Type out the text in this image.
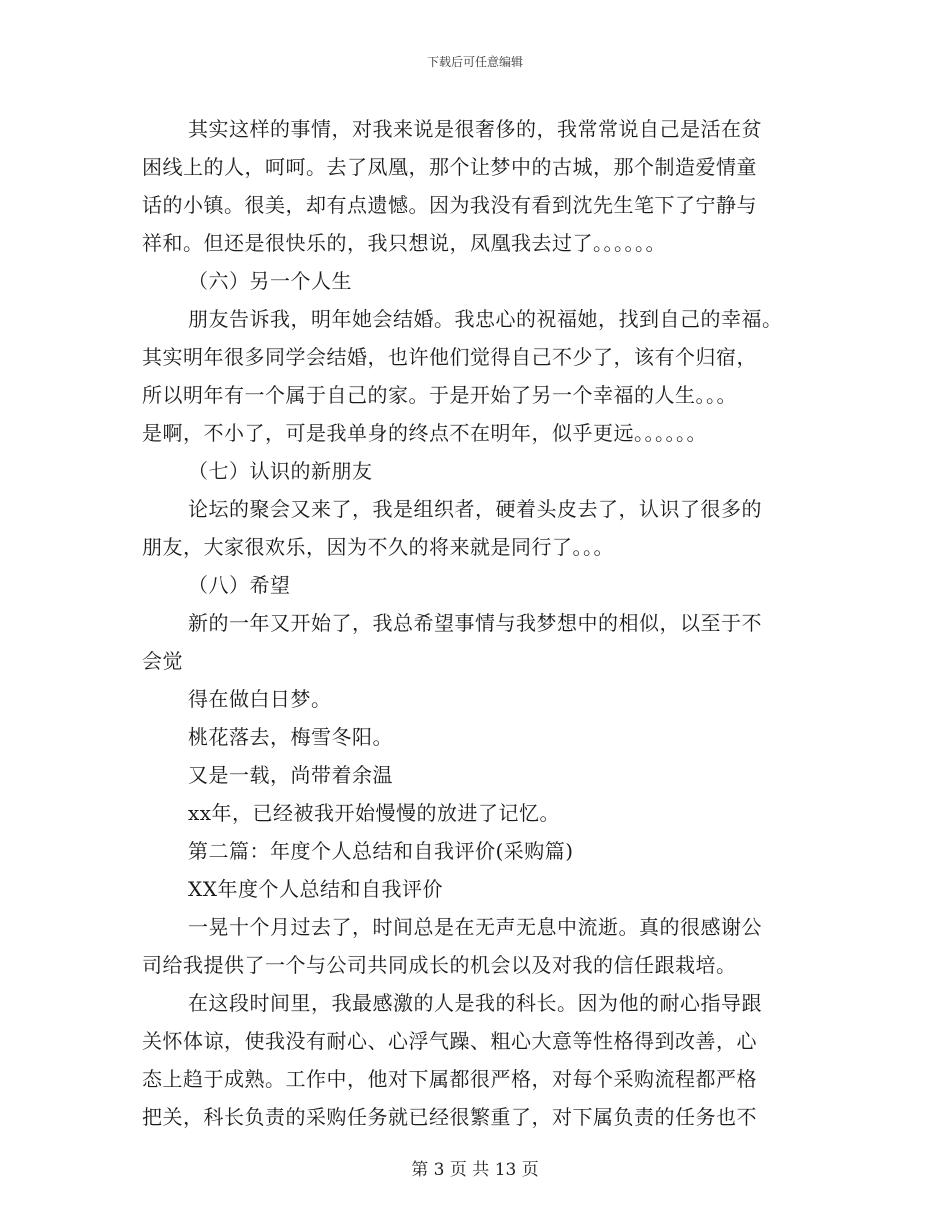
下载后可任意编辑
其实这样的事情，对我来说是很奢侈的，我常常说自己是活在贫
困线上的人，呵呵。去了凤凰，那个让梦中的古城，那个制造爱情童
话的小镇。很美，却有点遗憾。因为我没有看到沈先生笔下了宁静与
祥和。但还是很快乐的，我只想说，凤凰我去过了。。。。。。
（六）另一个人生
朋友告诉我，明年她会结婚。我忠心的祝福她，找到自己的幸福。
其实明年很多同学会结婚，也许他们觉得自己不少了，该有个归宿，
所以明年有一个属于自己的家。于是开始了另一个幸福的人生。。。
是啊，不小了，可是我单身的终点不在明年，似乎更远。。。。。。
（七）认识的新朋友
论坛的聚会又来了，我是组织者，硬着头皮去了，认识了很多的
朋友，大家很欢乐，因为不久的将来就是同行了。。。
（八）希望
新的一年又开始了，我总希望事情与我梦想中的相似，以至于不
会觉
得在做白日梦。
桃花落去，梅雪冬阳。
又是一载，尚带着余温
xx年，已经被我开始慢慢的放进了记忆。
第二篇：年度个人总结和自我评价(采购篇)
XX年度个人总结和自我评价
一晃十个月过去了，时间总是在无声无息中流逝。真的很感谢公
司给我提供了一个与公司共同成长的机会以及对我的信任跟栽培。
在这段时间里，我最感激的人是我的科长。因为他的耐心指导跟
关怀体谅，使我没有耐心、心浮气躁、粗心大意等性格得到改善，心
态上趋于成熟。工作中，他对下属都很严格，对每个采购流程都严格
把关，科长负责的采购任务就已经很繁重了，对下属负责的任务也不
第 3 页 共 13 页
